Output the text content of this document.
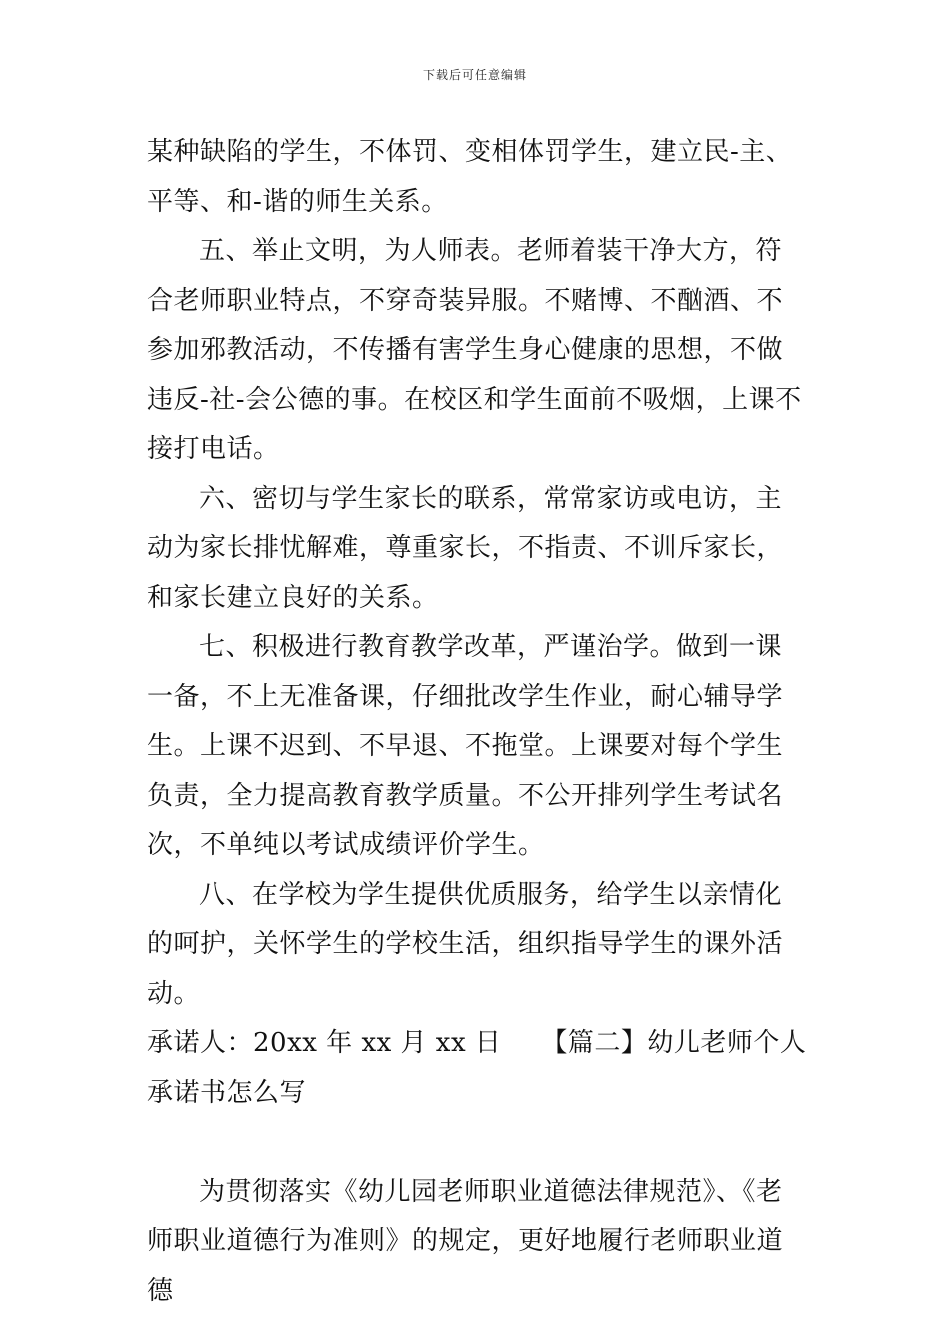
下载后可任意编辑

某种缺陷的学生，不体罚、变相体罚学生，建立民-主、平等、和-谐的师生关系。

五、举止文明，为人师表。老师着装干净大方，符合老师职业特点，不穿奇装异服。不赌博、不酗酒、不参加邪教活动，不传播有害学生身心健康的思想，不做违反-社-会公德的事。在校区和学生面前不吸烟，上课不接打电话。

六、密切与学生家长的联系，常常家访或电访，主动为家长排忧解难，尊重家长，不指责、不训斥家长，和家长建立良好的关系。

七、积极进行教育教学改革，严谨治学。做到一课一备，不上无准备课，仔细批改学生作业，耐心辅导学生。上课不迟到、不早退、不拖堂。上课要对每个学生负责，全力提高教育教学质量。不公开排列学生考试名次，不单纯以考试成绩评价学生。

八、在学校为学生提供优质服务，给学生以亲情化的呵护，关怀学生的学校生活，组织指导学生的课外活动。

承诺人：20xx 年 xx 月 xx 日　　【篇二】幼儿老师个人承诺书怎么写

为贯彻落实《幼儿园老师职业道德法律规范》、《老师职业道德行为准则》的规定，更好地履行老师职业道德
